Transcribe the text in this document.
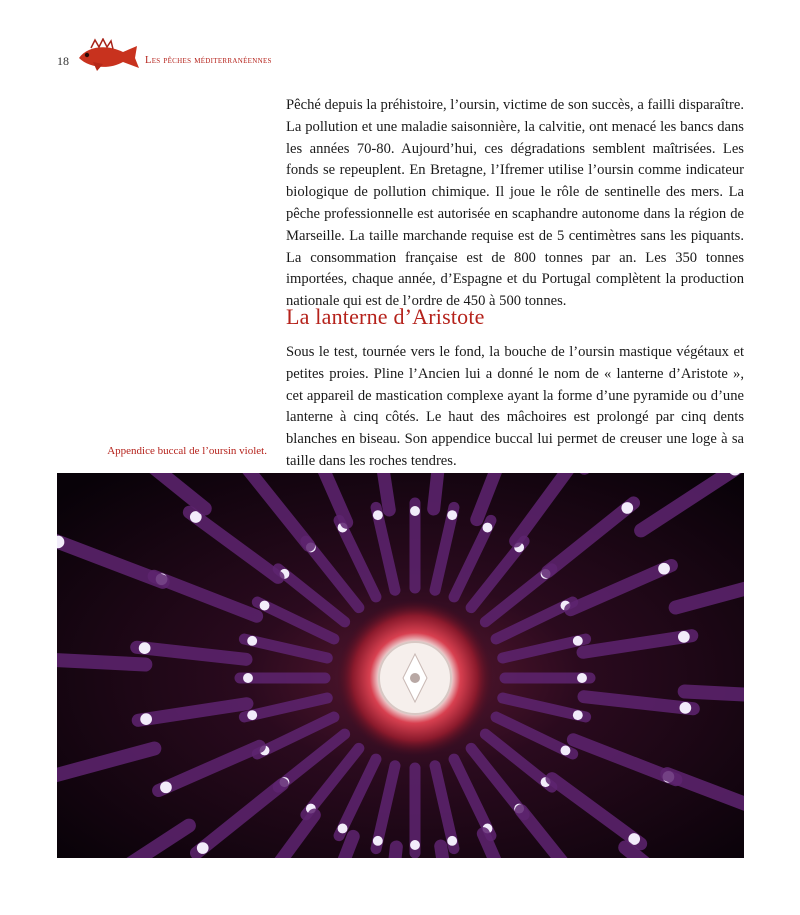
18	Les pêches méditerranéennes

Pêché depuis la préhistoire, l’oursin, victime de son succès, a failli disparaître. La pollution et une maladie saisonnière, la calvitie, ont menacé les bancs dans les années 70-80. Aujourd’hui, ces dégradations semblent maîtrisées. Les fonds se repeuplent. En Bretagne, l’Ifremer utilise l’oursin comme indicateur biologique de pollution chimique. Il joue le rôle de sentinelle des mers. La pêche professionnelle est autorisée en scaphandre autonome dans la région de Marseille. La taille marchande requise est de 5 centimètres sans les piquants. La consommation française est de 800 tonnes par an. Les 350 tonnes importées, chaque année, d’Espagne et du Portugal complètent la production nationale qui est de l’ordre de 450 à 500 tonnes.

La lanterne d’Aristote

Sous le test, tournée vers le fond, la bouche de l’oursin mastique végétaux et petites proies. Pline l’Ancien lui a donné le nom de « lanterne d’Aristote », cet appareil de mastication complexe ayant la forme d’une pyramide ou d’une lanterne à cinq côtés. Le haut des mâchoires est prolongé par cinq dents blanches en biseau. Son appendice buccal lui permet de creuser une loge à sa taille dans les roches tendres.

Appendice buccal de l’oursin violet.
